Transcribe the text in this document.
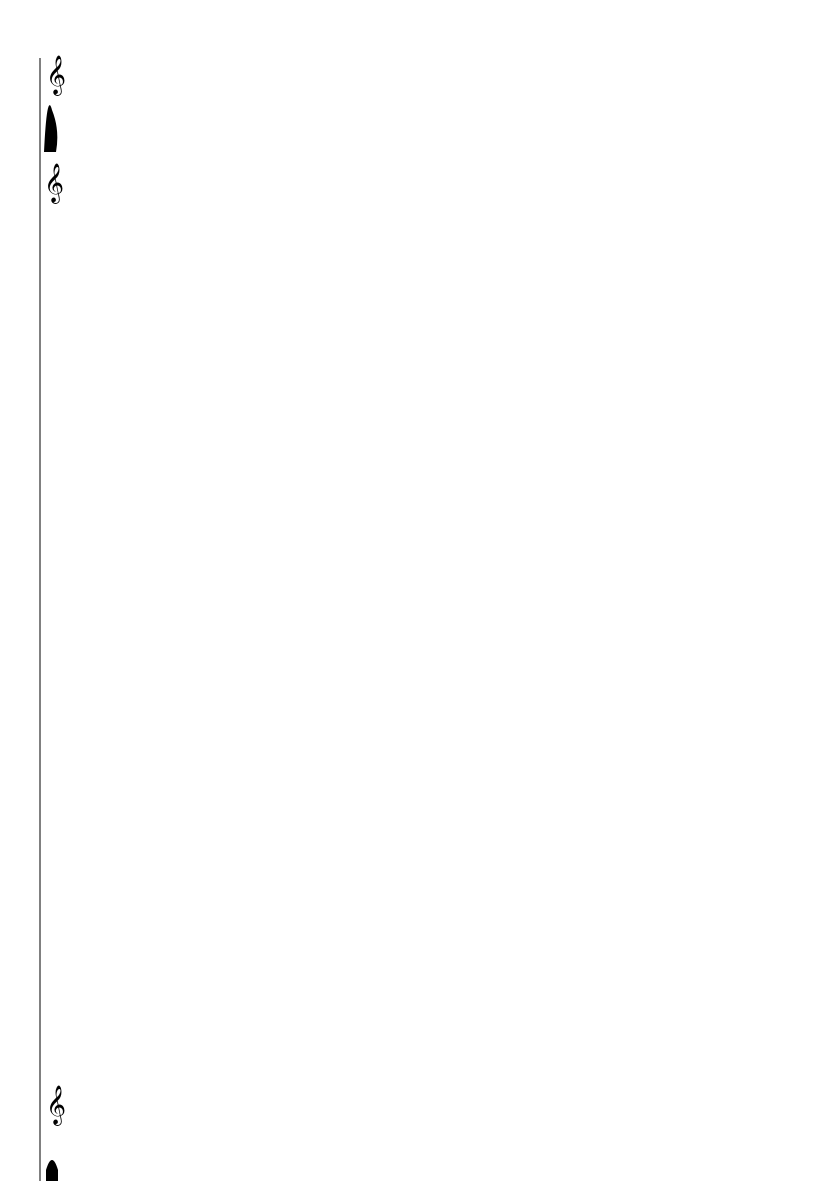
𝄞
𝄞
𝄞
